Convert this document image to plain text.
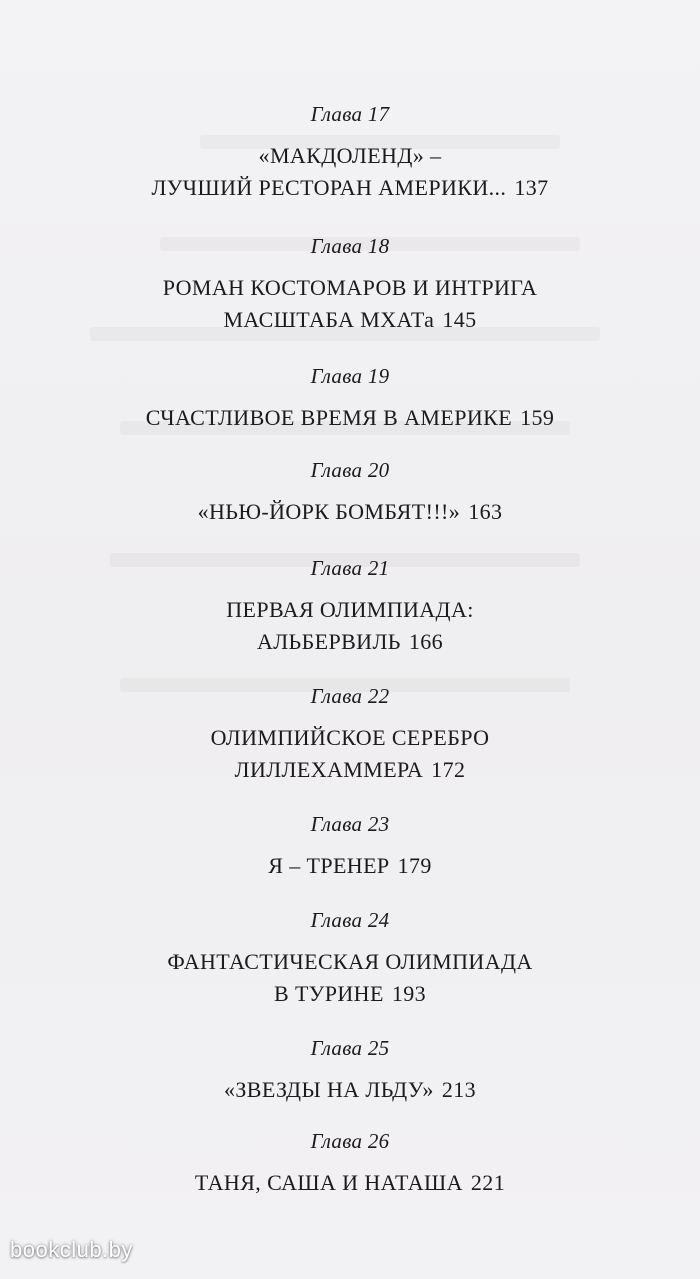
Глава 17
«МАКДОЛЕНД» –
ЛУЧШИЙ РЕСТОРАН АМЕРИКИ... 137
Глава 18
РОМАН КОСТОМАРОВ И ИНТРИГА
МАСШТАБА МХАТа 145
Глава 19
СЧАСТЛИВОЕ ВРЕМЯ В АМЕРИКЕ 159
Глава 20
«НЬЮ-ЙОРК БОМБЯТ!!!» 163
Глава 21
ПЕРВАЯ ОЛИМПИАДА:
АЛЬБЕРВИЛЬ 166
Глава 22
ОЛИМПИЙСКОЕ СЕРЕБРО
ЛИЛЛЕХАММЕРА 172
Глава 23
Я – ТРЕНЕР 179
Глава 24
ФАНТАСТИЧЕСКАЯ ОЛИМПИАДА
В ТУРИНЕ 193
Глава 25
«ЗВЕЗДЫ НА ЛЬДУ» 213
Глава 26
ТАНЯ, САША И НАТАША 221
bookclub.by
